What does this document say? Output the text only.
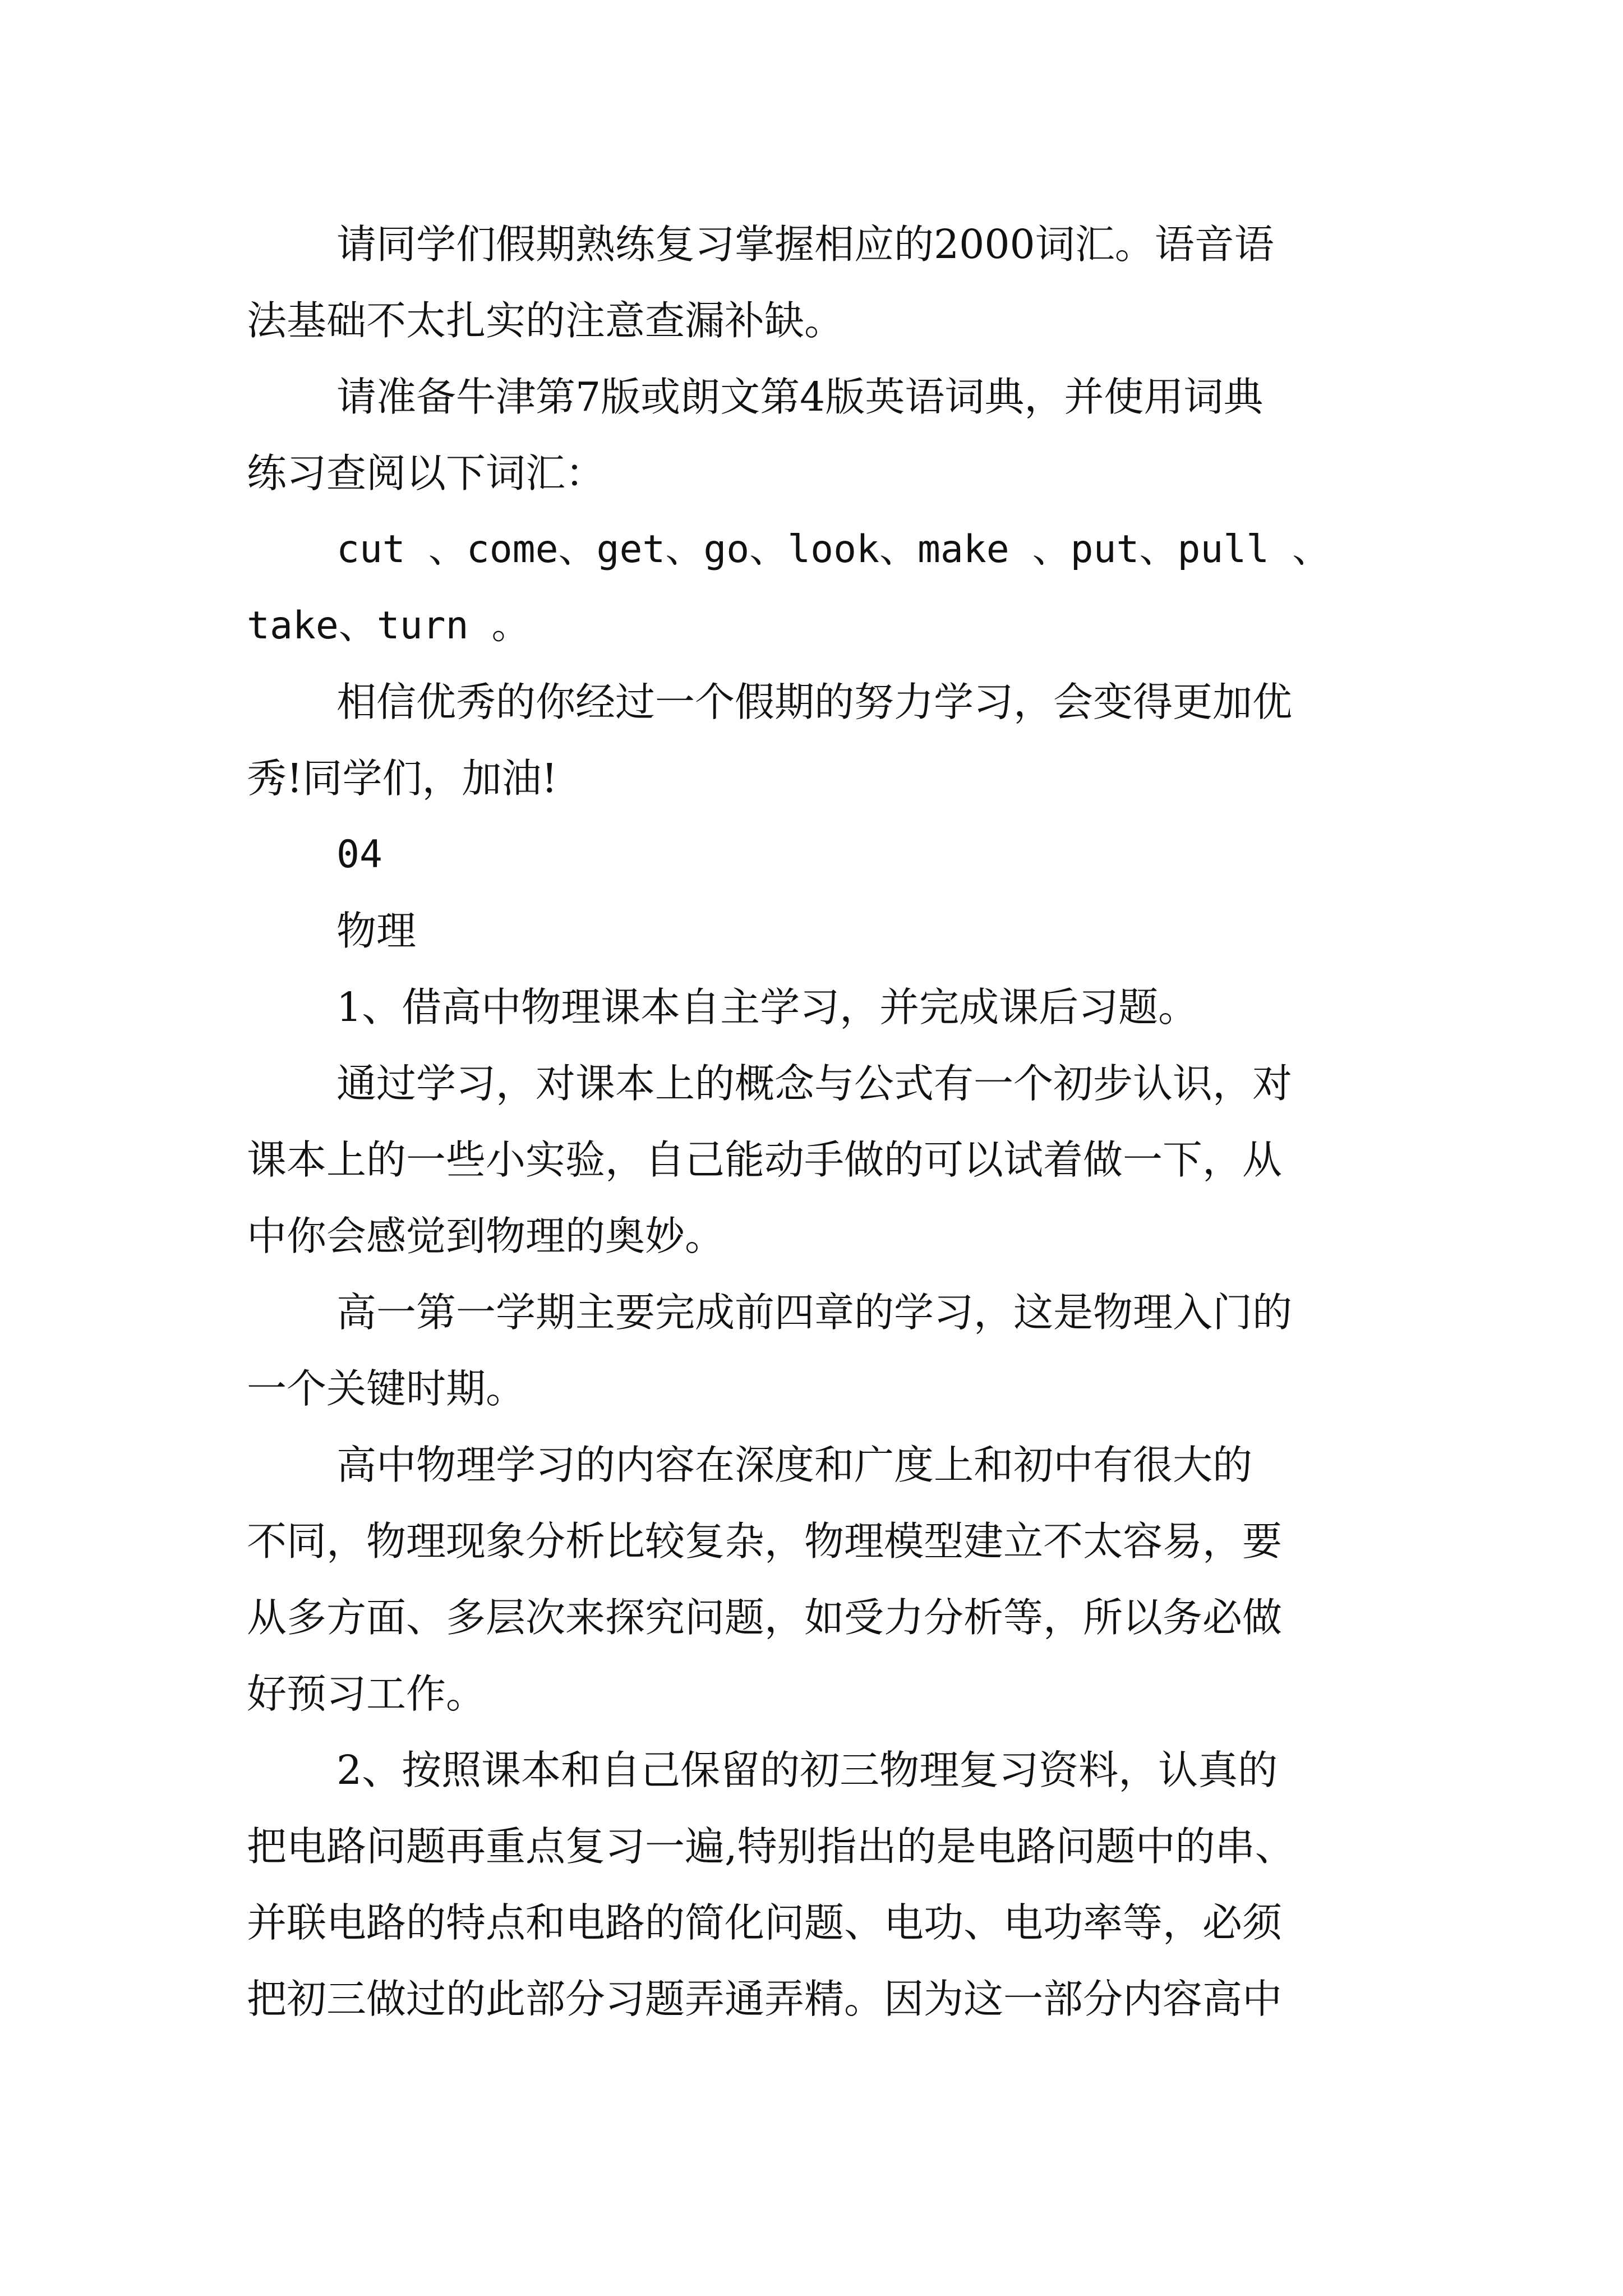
请同学们假期熟练复习掌握相应的2000词汇。语音语
法基础不太扎实的注意查漏补缺。
请准备牛津第7版或朗文第4版英语词典，并使用词典
练习查阅以下词汇：
cut 、come、get、go、look、make 、put、pull 、
take、turn 。
相信优秀的你经过一个假期的努力学习，会变得更加优
秀!同学们，加油!
04
物理
1、借高中物理课本自主学习，并完成课后习题。
通过学习，对课本上的概念与公式有一个初步认识，对
课本上的一些小实验，自己能动手做的可以试着做一下，从
中你会感觉到物理的奥妙。
高一第一学期主要完成前四章的学习，这是物理入门的
一个关键时期。
高中物理学习的内容在深度和广度上和初中有很大的
不同，物理现象分析比较复杂，物理模型建立不太容易，要
从多方面、多层次来探究问题，如受力分析等，所以务必做
好预习工作。
2、按照课本和自己保留的初三物理复习资料，认真的
把电路问题再重点复习一遍,特别指出的是电路问题中的串、
并联电路的特点和电路的简化问题、电功、电功率等，必须
把初三做过的此部分习题弄通弄精。因为这一部分内容高中
